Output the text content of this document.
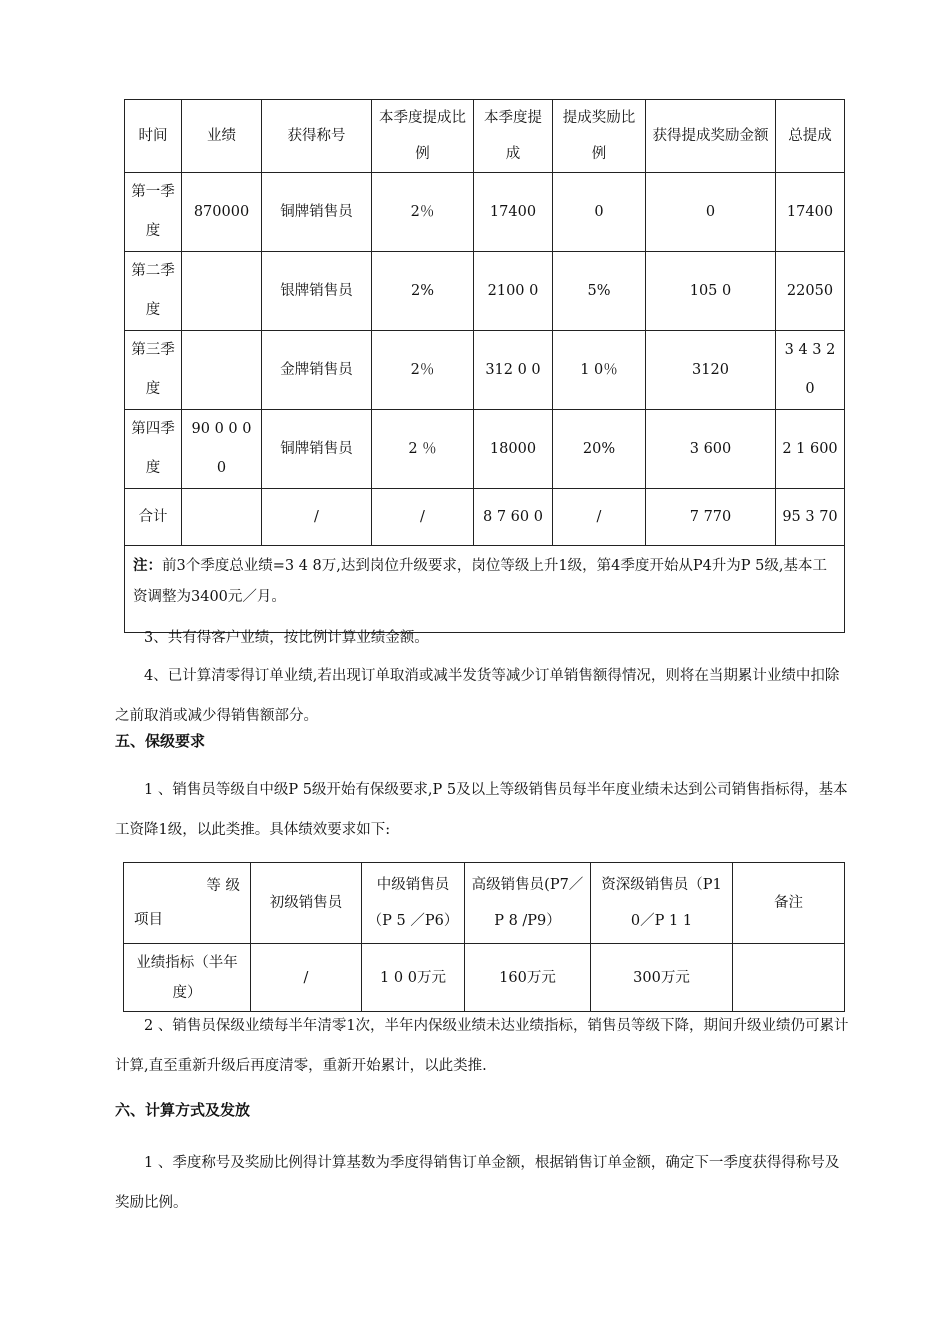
时间	业绩	获得称号	本季度提成比例	本季度提成	提成奖励比例	获得提成奖励金额	总提成

第一季度	870000	铜牌销售员	2％	17400	0	0	17400

第二季度		银牌销售员	2%	2100 0	5%	105 0	22050

第三季度		金牌销售员	2％	312 0 0	1 0％	3120	3 4 3 2 0

第四季度	90 0 0 0 0	铜牌销售员	2 ％	18000	20%	3 600	2 1 600

合计		/	/	8 7 60 0	/	7 770	95 3 70

注：前3个季度总业绩=3 4 8万,达到岗位升级要求，岗位等级上升1级，第4季度开始从P4升为P 5级,基本工资调整为3400元／月。							

3、共有得客户业绩，按比例计算业绩金额。

4、已计算清零得订单业绩,若出现订单取消或减半发货等减少订单销售额得情况，则将在当期累计业绩中扣除之前取消或减少得销售额部分。

五、保级要求

1 、销售员等级自中级P 5级开始有保级要求,P 5及以上等级销售员每半年度业绩未达到公司销售指标得，基本工资降1级，以此类推。具体绩效要求如下:

等 级
项目	初级销售员	中级销售员（P 5 ／P6）	高级销售员(P7／P 8 /P9）	资深级销售员（P1 0／P 1 1	备注

业绩指标（半年度）	/	1 0 0万元	160万元	300万元	

2 、销售员保级业绩每半年清零1次，半年内保级业绩未达业绩指标，销售员等级下降，期间升级业绩仍可累计计算,直至重新升级后再度清零，重新开始累计，以此类推.

六、计算方式及发放

1 、季度称号及奖励比例得计算基数为季度得销售订单金额，根据销售订单金额，确定下一季度获得得称号及奖励比例。
